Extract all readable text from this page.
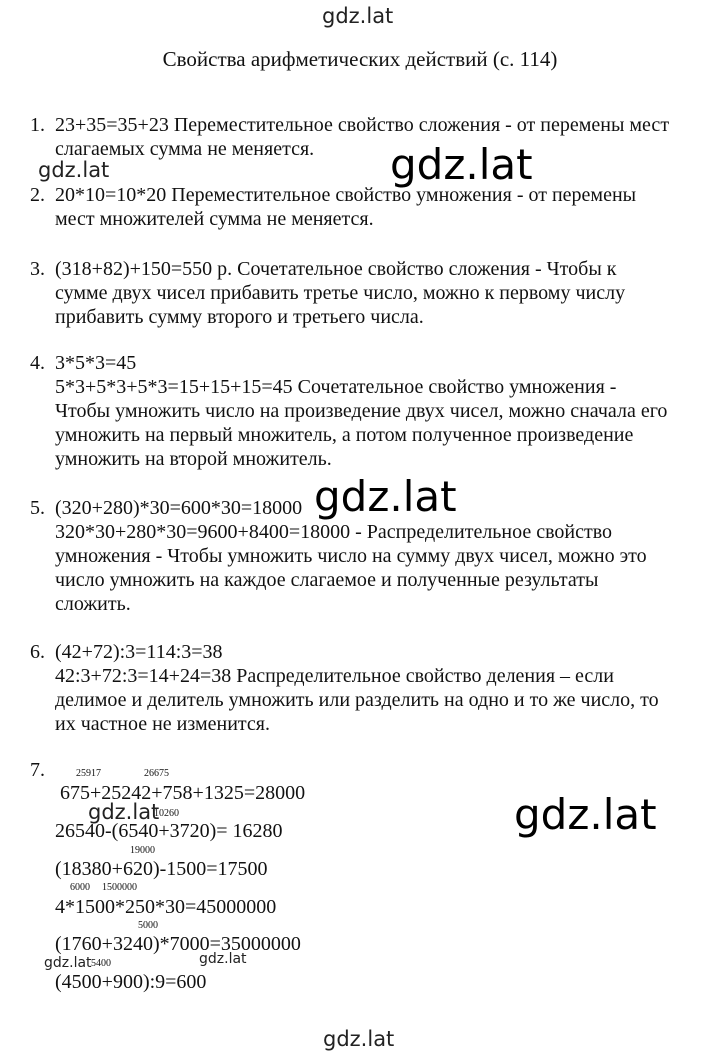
gdz.lat
Свойства арифметических действий (с. 114)
1. 23+35=35+23 Переместительное свойство сложения - от перемены мест
слагаемых сумма не меняется.
gdz.lat	gdz.lat
2. 20*10=10*20 Переместительное свойство умножения - от перемены
мест множителей сумма не меняется.
3. (318+82)+150=550 р. Сочетательное свойство сложения - Чтобы к
сумме двух чисел прибавить третье число, можно к первому числу
прибавить сумму второго и третьего числа.
4. 3*5*3=45
5*3+5*3+5*3=15+15+15=45 Сочетательное свойство умножения -
Чтобы умножить число на произведение двух чисел, можно сначала его
умножить на первый множитель, а потом полученное произведение
умножить на второй множитель.
5. (320+280)*30=600*30=18000
320*30+280*30=9600+8400=18000 - Распределительное свойство
умножения - Чтобы умножить число на сумму двух чисел, можно это
число умножить на каждое слагаемое и полученные результаты
сложить.
gdz.lat
6. (42+72):3=114:3=38
42:3+72:3=14+24=38 Распределительное свойство деления – если
делимое и делитель умножить или разделить на одно и то же число, то
их частное не изменится.
7.	25917	26675
675+25242+758+1325=28000
gdz.lat
10260
26540-(6540+3720)= 16280
19000
(18380+620)-1500=17500
6000 1500000
4*1500*250*30=45000000
5000
(1760+3240)*7000=35000000
gdz.lat 5400	gdz.lat
(4500+900):9=600
gdz.lat
gdz.lat
